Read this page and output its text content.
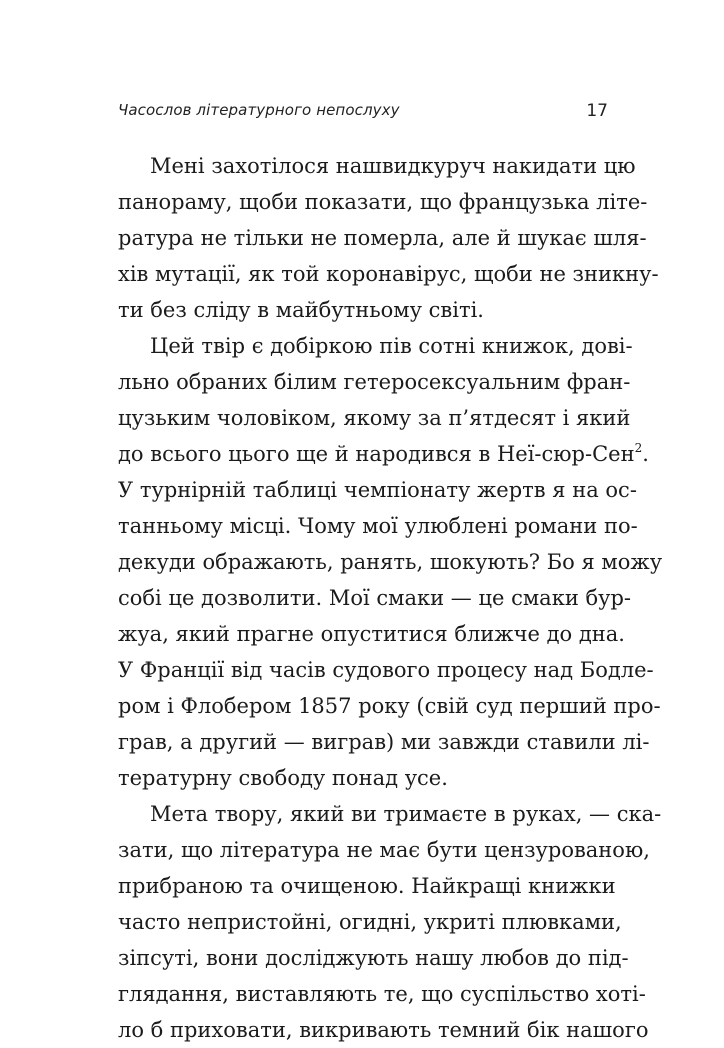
Часослов літературного непослуху	17
Мені захотілося нашвидкуруч накидати цю
панораму, щоби показати, що французька літе-
ратура не тільки не померла, але й шукає шля-
хів мутації, як той коронавірус, щоби не зникну-
ти без сліду в майбутньому світі.
Цей твір є добіркою пів сотні книжок, дові-
льно обраних білим гетеросексуальним фран-
цузьким чоловіком, якому за п’ятдесят і який
до всього цього ще й народився в Неї-сюр-Сен$^2$.
У турнірній таблиці чемпіонату жертв я на ос-
танньому місці. Чому мої улюблені романи по-
декуди ображають, ранять, шокують? Бо я можу
собі це дозволити. Мої смаки — це смаки бур-
жуа, який прагне опуститися ближче до дна.
У Франції від часів судового процесу над Бодле-
ром і Флобером 1857 року (свій суд перший про-
грав, а другий — виграв) ми завжди ставили лі-
тературну свободу понад усе.
Мета твору, який ви тримаєте в руках, — ска-
зати, що література не має бути цензурованою,
прибраною та очищеною. Найкращі книжки
часто непристойні, огидні, укриті плювками,
зіпсуті, вони досліджують нашу любов до під-
глядання, виставляють те, що суспільство хоті-
ло б приховати, викривають темний бік нашого
